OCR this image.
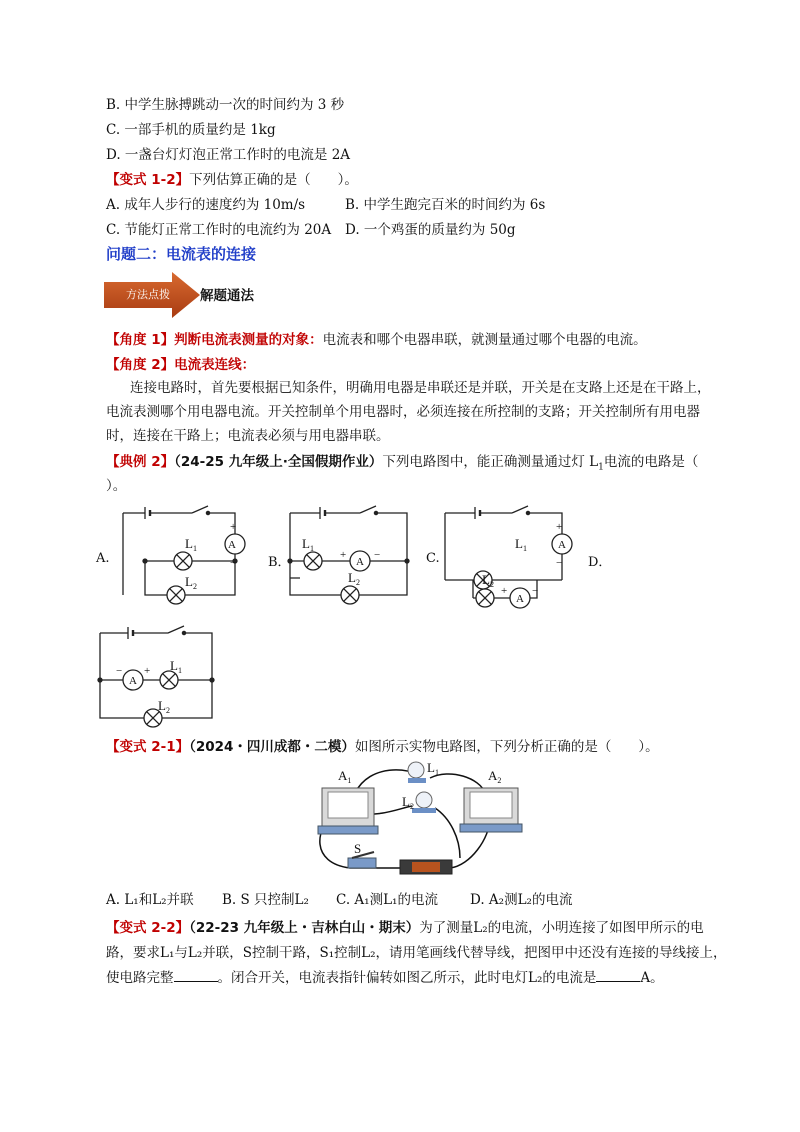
B. 中学生脉搏跳动一次的时间约为 3 秒
C. 一部手机的质量约是 1kg
D. 一盏台灯灯泡正常工作时的电流是 2A
【变式 1-2】下列估算正确的是（　　）。
A. 成年人步行的速度约为 10m/s	B. 中学生跑完百米的时间约为 6s
C. 节能灯正常工作时的电流约为 20A D. 一个鸡蛋的质量约为 50g
问题二：电流表的连接
方法点拨 解题通法
【角度 1】判断电流表测量的对象：电流表和哪个电器串联，就测量通过哪个电器的电流。
【角度 2】电流表连线：
连接电路时，首先要根据已知条件，明确用电器是串联还是并联，开关是在支路上还是在干路上，
电流表测哪个用电器电流。开关控制单个用电器时，必须连接在所控制的支路；开关控制所有用电器
时，连接在干路上；电流表必须与用电器串联。
【典例 2】（24-25 九年级上·全国假期作业）下列电路图中，能正确测量通过灯 $L_1$电流的电路是（
）。
$L_1$
$L_2$
+
−
$L_1$
$L_2$
+	−
$L_1$
$L_2$
+
−
+ −
$L_1$
$L_2$
− +
A
A
A
A
A
A.	B．	C.	D．
【变式 2-1】（2024・四川成都・二模）如图所示实物电路图，下列分析正确的是（　　）。
$A_1$	$A_2$
$L_1$
$L_2$
S
A. L₁和L₂并联 B. S 只控制L₂ C. A₁测L₁的电流 D. A₂测L₂的电流
【变式 2-2】（22-23 九年级上・吉林白山・期末）为了测量L₂的电流，小明连接了如图甲所示的电
路，要求L₁与L₂并联，S控制干路，S₁控制L₂，请用笔画线代替导线，把图甲中还没有连接的导线接上，
使电路完整	。闭合开关，电流表指针偏转如图乙所示，此时电灯L₂的电流是	A。
